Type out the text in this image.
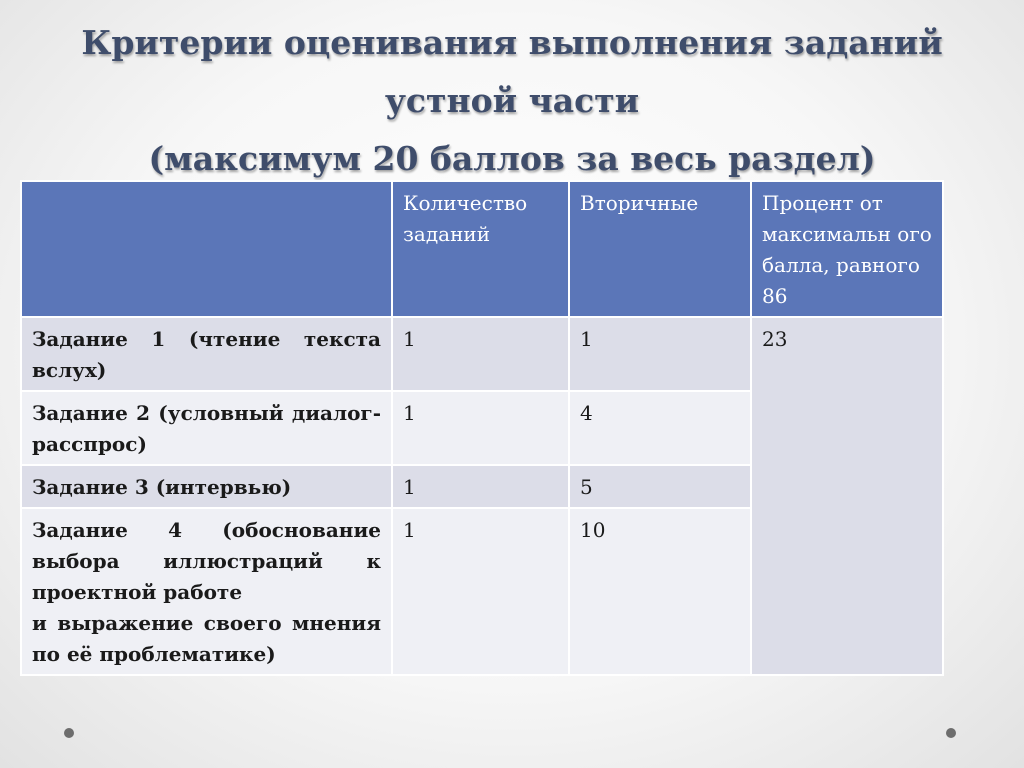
Критерии оценивания выполнения заданий
устной части
(максимум 20 баллов за весь раздел)
	Количество заданий	Вторичные	Процент от максимальн ого балла, равного 86
Задание 1 (чтение текста вслух)	1	1	23
Задание 2 (условный диалог-расспрос)	1	4	
Задание 3 (интервью)	1	5	
Задание 4 (обоснование выбора иллюстраций к проектной работе
и выражение своего мнения по её проблематике)	1	10	
